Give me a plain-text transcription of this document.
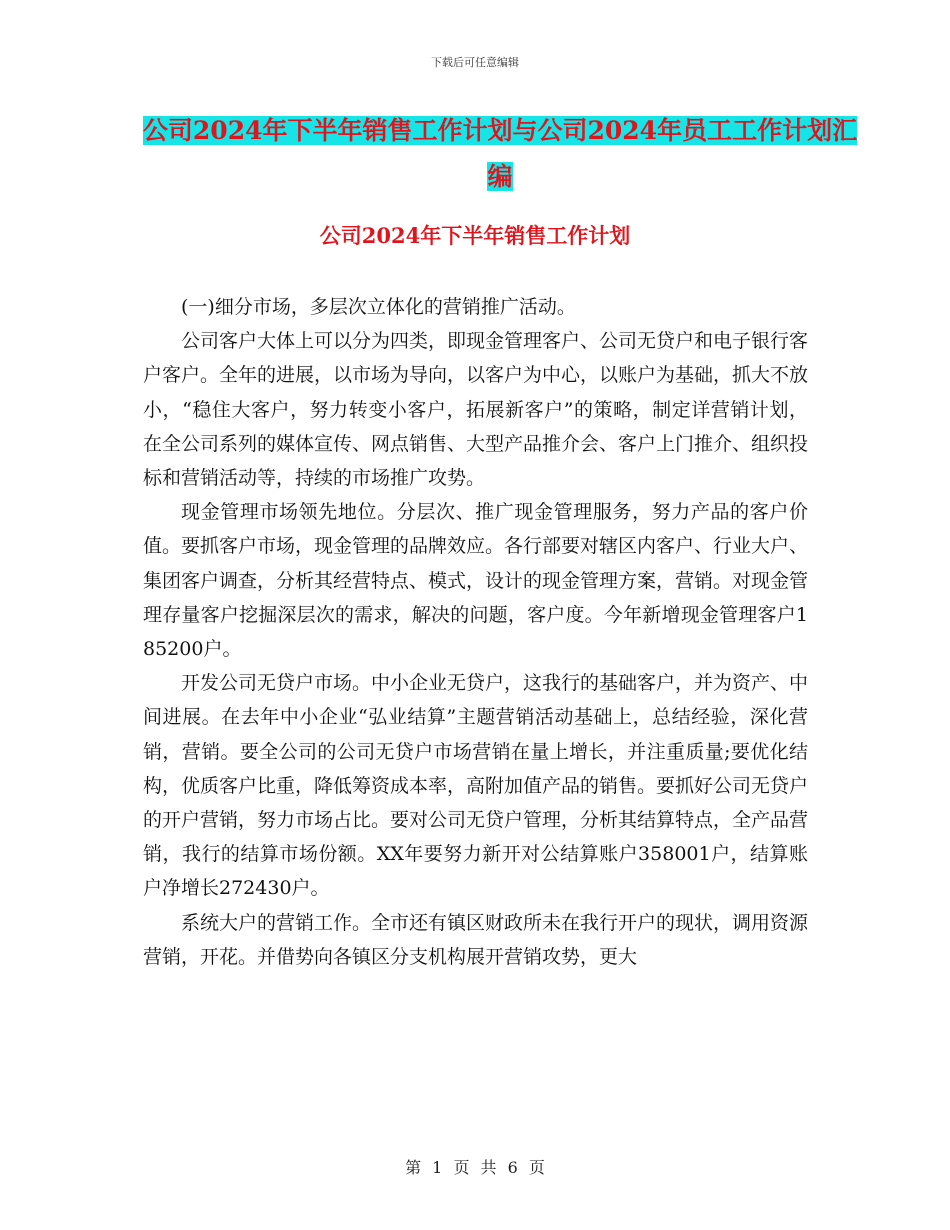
下载后可任意编辑
公司2024年下半年销售工作计划与公司2024年员工工作计划汇编
公司2024年下半年销售工作计划

(一)细分市场，多层次立体化的营销推广活动。

公司客户大体上可以分为四类，即现金管理客户、公司无贷户和电子银行客户客户。全年的进展，以市场为导向，以客户为中心，以账户为基础，抓大不放小，“稳住大客户，努力转变小客户，拓展新客户”的策略，制定详营销计划，在全公司系列的媒体宣传、网点销售、大型产品推介会、客户上门推介、组织投标和营销活动等，持续的市场推广攻势。

现金管理市场领先地位。分层次、推广现金管理服务，努力产品的客户价值。要抓客户市场，现金管理的品牌效应。各行部要对辖区内客户、行业大户、集团客户调查，分析其经营特点、模式，设计的现金管理方案，营销。对现金管理存量客户挖掘深层次的需求，解决的问题，客户度。今年新增现金管理客户185200户。

开发公司无贷户市场。中小企业无贷户，这我行的基础客户，并为资产、中间进展。在去年中小企业“弘业结算”主题营销活动基础上，总结经验，深化营销，营销。要全公司的公司无贷户市场营销在量上增长，并注重质量;要优化结构，优质客户比重，降低筹资成本率，高附加值产品的销售。要抓好公司无贷户的开户营销，努力市场占比。要对公司无贷户管理，分析其结算特点，全产品营销，我行的结算市场份额。XX年要努力新开对公结算账户358001户，结算账户净增长272430户。

系统大户的营销工作。全市还有镇区财政所未在我行开户的现状，调用资源营销，开花。并借势向各镇区分支机构展开营销攻势，更大

第 1 页 共 6 页
